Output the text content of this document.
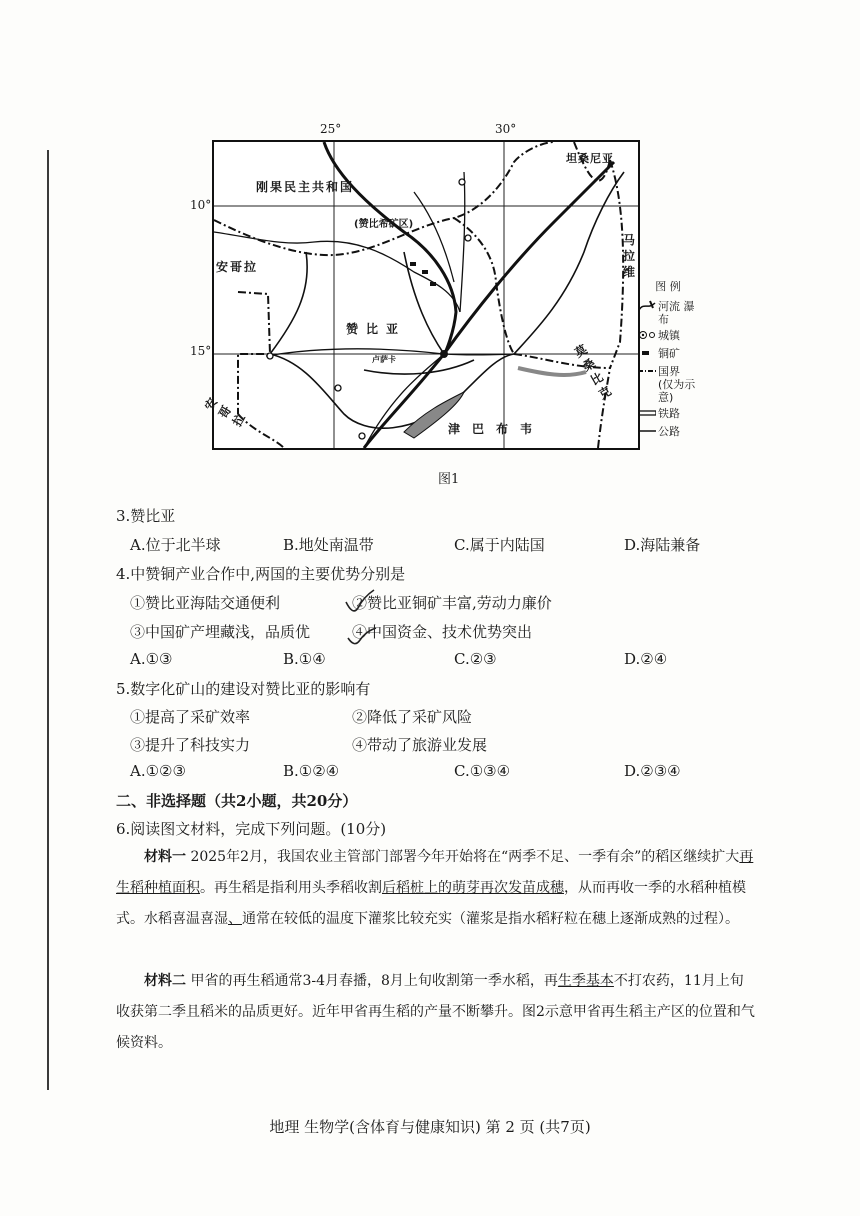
25°	30°
10°
15°
刚果民主共和国
坦桑尼亚
(赞比希矿区)
安哥拉
赞比亚
卢萨卡
津巴布韦
安哥拉
马拉维
莫桑比克
图 例
河流 瀑布
城镇
铜矿
国界 (仅为示意)
铁路
公路
图1
3.赞比亚
A.位于北半球	B.地处南温带	C.属于内陆国	D.海陆兼备
4.中赞铜产业合作中,两国的主要优势分别是
①赞比亚海陆交通便利	②赞比亚铜矿丰富,劳动力廉价
③中国矿产埋藏浅，品质优	④中国资金、技术优势突出
A.①③	B.①④	C.②③	D.②④
5.数字化矿山的建设对赞比亚的影响有
①提高了采矿效率	②降低了采矿风险
③提升了科技实力	④带动了旅游业发展
A.①②③	B.①②④	C.①③④	D.②③④
二、非选择题（共2小题，共20分）
6.阅读图文材料，完成下列问题。(10分)
材料一 2025年2月，我国农业主管部门部署今年开始将在“两季不足、一季有余”的稻区继续扩大再生稻种植面积。再生稻是指利用头季稻收割后稻桩上的萌芽再次发苗成穗，从而再收一季的水稻种植模式。水稻喜温喜湿、通常在较低的温度下灌浆比较充实（灌浆是指水稻籽粒在穗上逐渐成熟的过程）。
材料二 甲省的再生稻通常3-4月春播，8月上旬收割第一季水稻，再生季基本不打农药，11月上旬收获第二季且稻米的品质更好。近年甲省再生稻的产量不断攀升。图2示意甲省再生稻主产区的位置和气候资料。
地理 生物学(含体育与健康知识) 第 2 页 (共7页)
